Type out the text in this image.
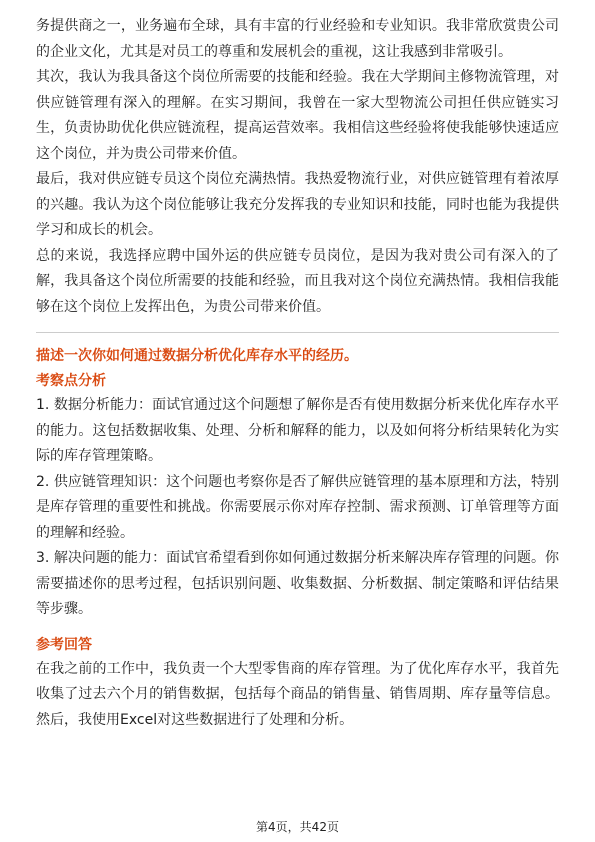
务提供商之一，业务遍布全球，具有丰富的行业经验和专业知识。我非常欣赏贵公司的企业文化，尤其是对员工的尊重和发展机会的重视，这让我感到非常吸引。

其次，我认为我具备这个岗位所需要的技能和经验。我在大学期间主修物流管理，对供应链管理有深入的理解。在实习期间，我曾在一家大型物流公司担任供应链实习生，负责协助优化供应链流程，提高运营效率。我相信这些经验将使我能够快速适应这个岗位，并为贵公司带来价值。

最后，我对供应链专员这个岗位充满热情。我热爱物流行业，对供应链管理有着浓厚的兴趣。我认为这个岗位能够让我充分发挥我的专业知识和技能，同时也能为我提供学习和成长的机会。

总的来说，我选择应聘中国外运的供应链专员岗位，是因为我对贵公司有深入的了解，我具备这个岗位所需要的技能和经验，而且我对这个岗位充满热情。我相信我能够在这个岗位上发挥出色，为贵公司带来价值。

描述一次你如何通过数据分析优化库存水平的经历。

考察点分析

1. 数据分析能力：面试官通过这个问题想了解你是否有使用数据分析来优化库存水平的能力。这包括数据收集、处理、分析和解释的能力，以及如何将分析结果转化为实际的库存管理策略。

2. 供应链管理知识：这个问题也考察你是否了解供应链管理的基本原理和方法，特别是库存管理的重要性和挑战。你需要展示你对库存控制、需求预测、订单管理等方面的理解和经验。

3. 解决问题的能力：面试官希望看到你如何通过数据分析来解决库存管理的问题。你需要描述你的思考过程，包括识别问题、收集数据、分析数据、制定策略和评估结果等步骤。

参考回答

在我之前的工作中，我负责一个大型零售商的库存管理。为了优化库存水平，我首先收集了过去六个月的销售数据，包括每个商品的销售量、销售周期、库存量等信息。然后，我使用Excel对这些数据进行了处理和分析。

第4页，共42页
